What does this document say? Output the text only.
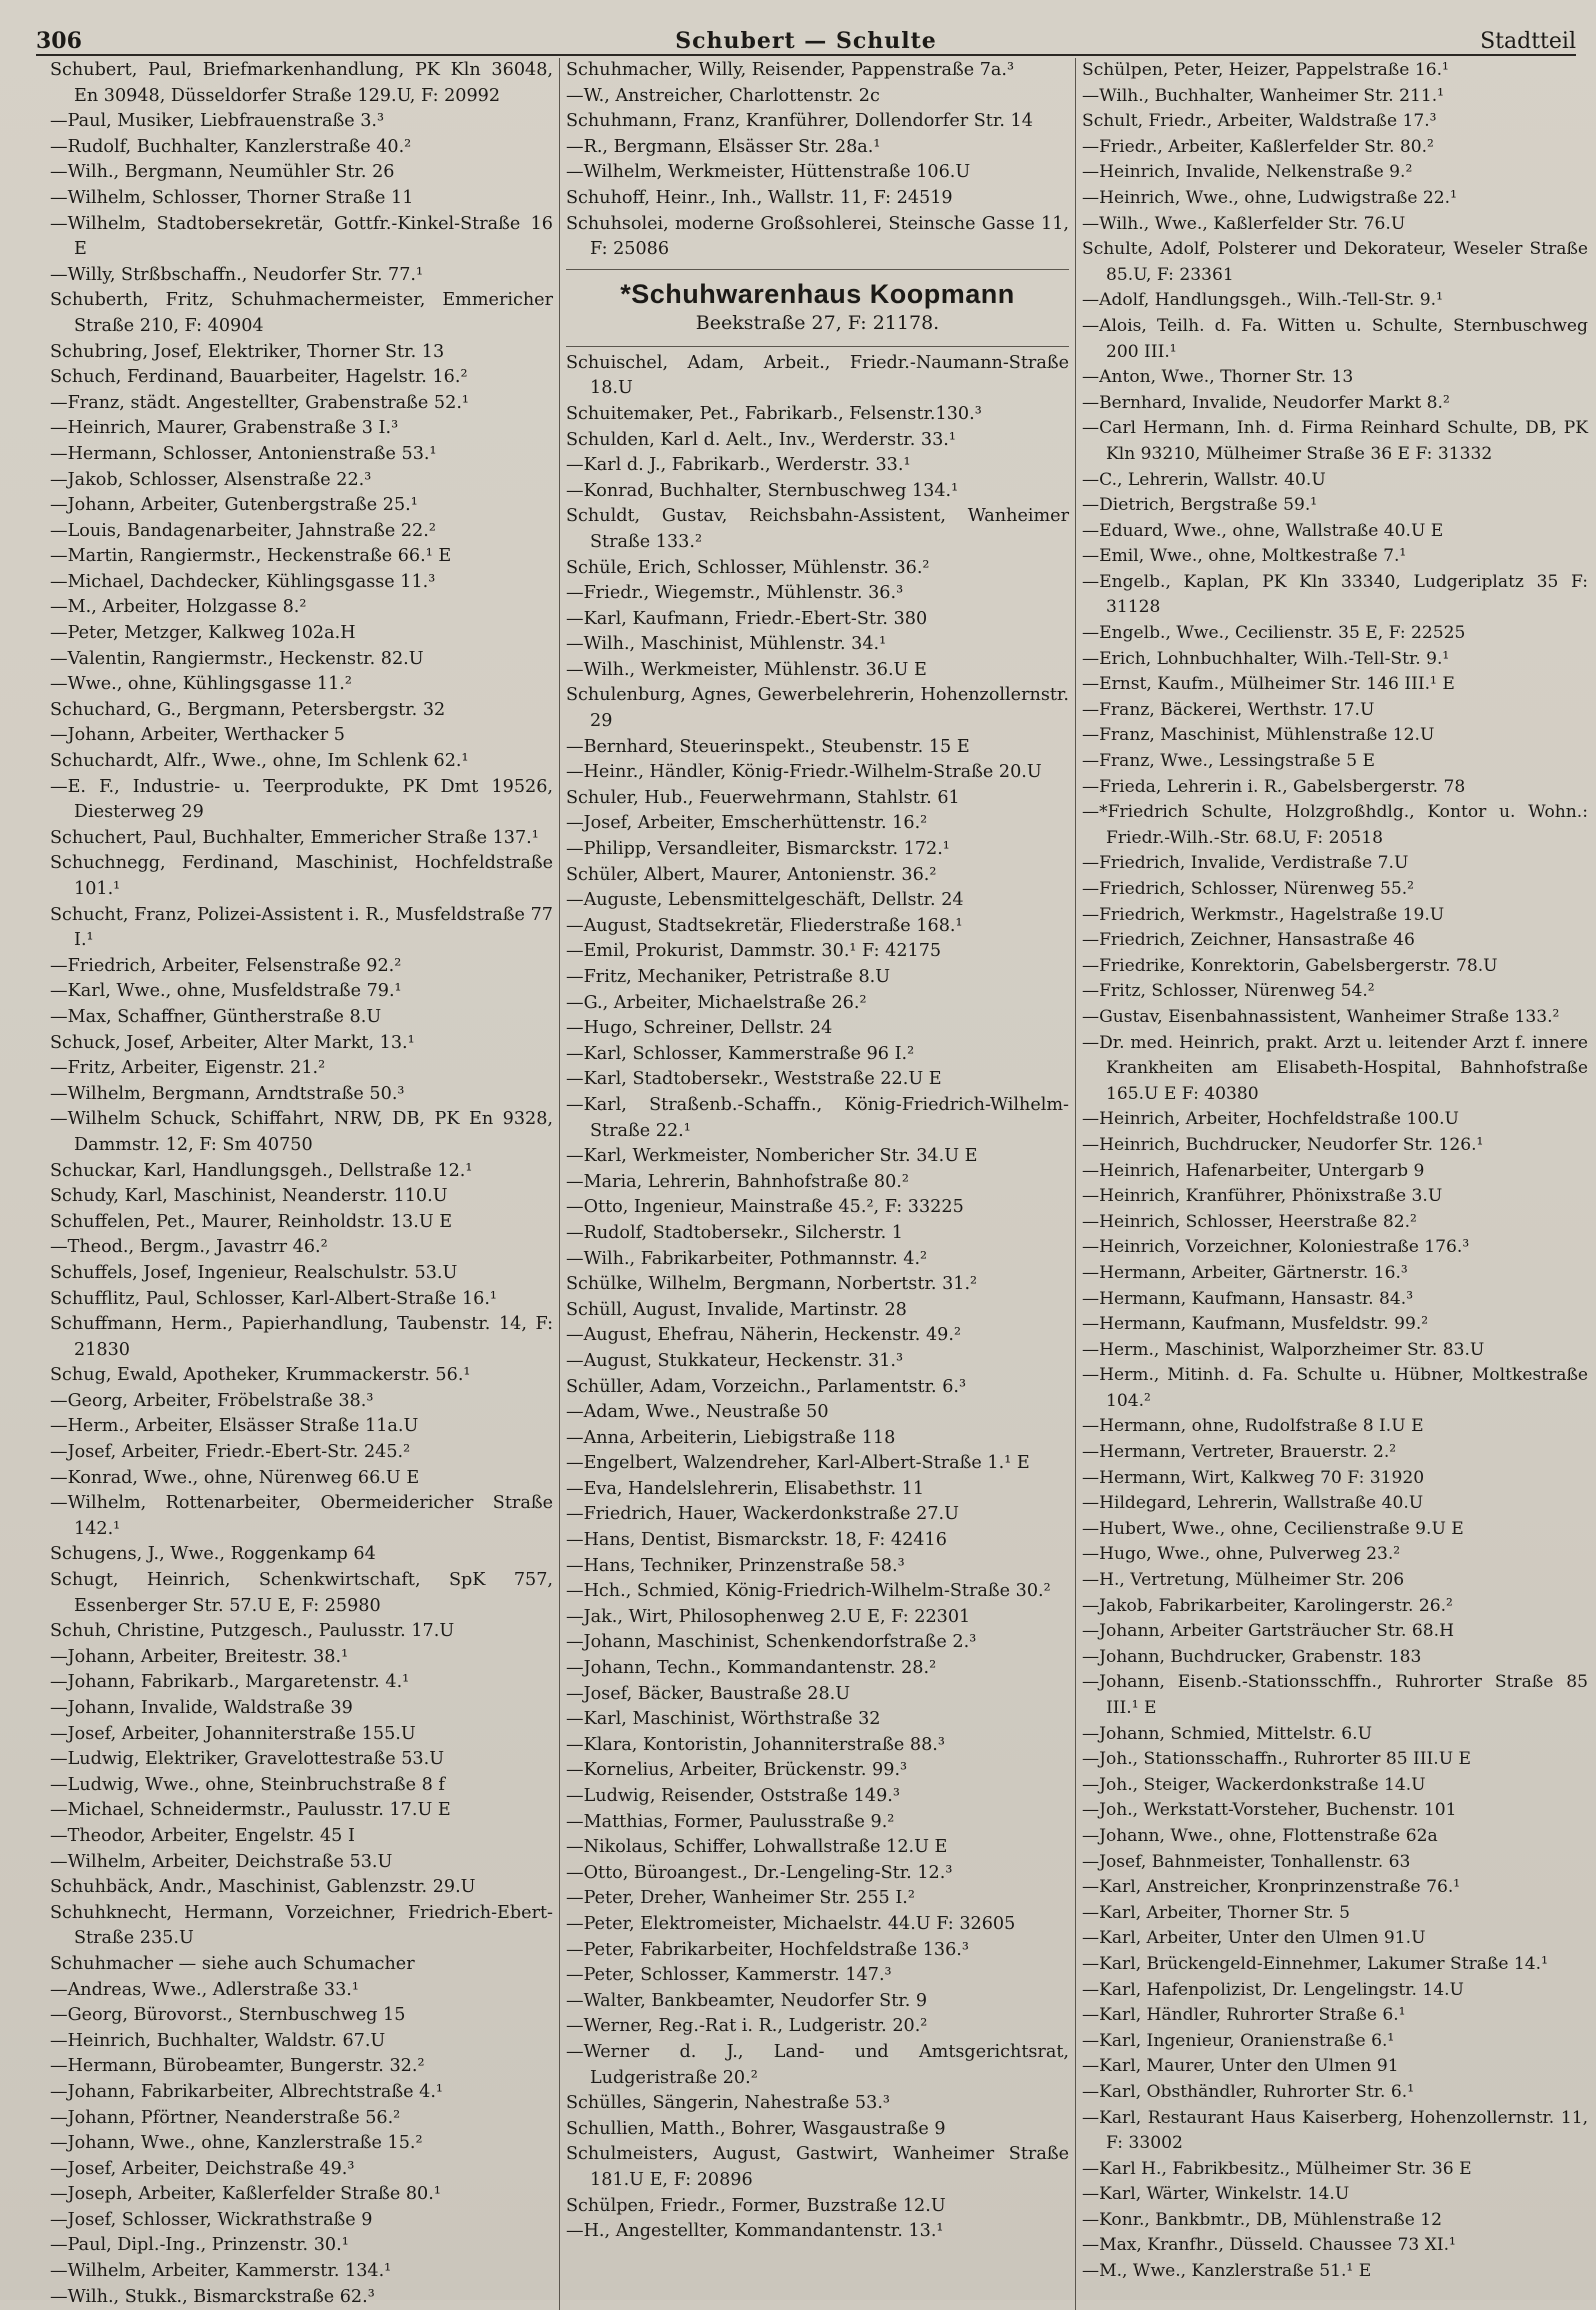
306	Schubert — Schulte	Stadtteil
Schubert, Paul, Briefmarkenhandlung, PK Kln 36048, En 30948, Düsseldorfer Straße 129.U, F: 20992
—Paul, Musiker, Liebfrauenstraße 3.³
—Rudolf, Buchhalter, Kanzlerstraße 40.²
—Wilh., Bergmann, Neumühler Str. 26
—Wilhelm, Schlosser, Thorner Straße 11
—Wilhelm, Stadtobersekretär, Gottfr.-Kinkel-Straße 16 E
—Willy, Strßbschaffn., Neudorfer Str. 77.¹
Schuberth, Fritz, Schuhmachermeister, Emmericher Straße 210, F: 40904
Schubring, Josef, Elektriker, Thorner Str. 13
Schuch, Ferdinand, Bauarbeiter, Hagelstr. 16.²
—Franz, städt. Angestellter, Grabenstraße 52.¹
—Heinrich, Maurer, Grabenstraße 3 I.³
—Hermann, Schlosser, Antonienstraße 53.¹
—Jakob, Schlosser, Alsenstraße 22.³
—Johann, Arbeiter, Gutenbergstraße 25.¹
—Louis, Bandagenarbeiter, Jahnstraße 22.²
—Martin, Rangiermstr., Heckenstraße 66.¹ E
—Michael, Dachdecker, Kühlingsgasse 11.³
—M., Arbeiter, Holzgasse 8.²
—Peter, Metzger, Kalkweg 102a.H
—Valentin, Rangiermstr., Heckenstr. 82.U
—Wwe., ohne, Kühlingsgasse 11.²
Schuchard, G., Bergmann, Petersbergstr. 32
—Johann, Arbeiter, Werthacker 5
Schuchardt, Alfr., Wwe., ohne, Im Schlenk 62.¹
—E. F., Industrie- u. Teerprodukte, PK Dmt 19526, Diesterweg 29
Schuchert, Paul, Buchhalter, Emmericher Straße 137.¹
Schuchnegg, Ferdinand, Maschinist, Hochfeldstraße 101.¹
Schucht, Franz, Polizei-Assistent i. R., Musfeldstraße 77 I.¹
—Friedrich, Arbeiter, Felsenstraße 92.²
—Karl, Wwe., ohne, Musfeldstraße 79.¹
—Max, Schaffner, Güntherstraße 8.U
Schuck, Josef, Arbeiter, Alter Markt, 13.¹
—Fritz, Arbeiter, Eigenstr. 21.²
—Wilhelm, Bergmann, Arndtstraße 50.³
—Wilhelm Schuck, Schiffahrt, NRW, DB, PK En 9328, Dammstr. 12, F: Sm 40750
Schuckar, Karl, Handlungsgeh., Dellstraße 12.¹
Schudy, Karl, Maschinist, Neanderstr. 110.U
Schuffelen, Pet., Maurer, Reinholdstr. 13.U E
—Theod., Bergm., Javastrr 46.²
Schuffels, Josef, Ingenieur, Realschulstr. 53.U
Schufflitz, Paul, Schlosser, Karl-Albert-Straße 16.¹
Schuffmann, Herm., Papierhandlung, Taubenstr. 14, F: 21830
Schug, Ewald, Apotheker, Krummackerstr. 56.¹
—Georg, Arbeiter, Fröbelstraße 38.³
—Herm., Arbeiter, Elsässer Straße 11a.U
—Josef, Arbeiter, Friedr.-Ebert-Str. 245.²
—Konrad, Wwe., ohne, Nürenweg 66.U E
—Wilhelm, Rottenarbeiter, Obermeidericher Straße 142.¹
Schugens, J., Wwe., Roggenkamp 64
Schugt, Heinrich, Schenkwirtschaft, SpK 757, Essenberger Str. 57.U E, F: 25980
Schuh, Christine, Putzgesch., Paulusstr. 17.U
—Johann, Arbeiter, Breitestr. 38.¹
—Johann, Fabrikarb., Margaretenstr. 4.¹
—Johann, Invalide, Waldstraße 39
—Josef, Arbeiter, Johanniterstraße 155.U
—Ludwig, Elektriker, Gravelottestraße 53.U
—Ludwig, Wwe., ohne, Steinbruchstraße 8 f
—Michael, Schneidermstr., Paulusstr. 17.U E
—Theodor, Arbeiter, Engelstr. 45 I
—Wilhelm, Arbeiter, Deichstraße 53.U
Schuhbäck, Andr., Maschinist, Gablenzstr. 29.U
Schuhknecht, Hermann, Vorzeichner, Friedrich-Ebert-Straße 235.U
Schuhmacher — siehe auch Schumacher
—Andreas, Wwe., Adlerstraße 33.¹
—Georg, Bürovorst., Sternbuschweg 15
—Heinrich, Buchhalter, Waldstr. 67.U
—Hermann, Bürobeamter, Bungerstr. 32.²
—Johann, Fabrikarbeiter, Albrechtstraße 4.¹
—Johann, Pförtner, Neanderstraße 56.²
—Johann, Wwe., ohne, Kanzlerstraße 15.²
—Josef, Arbeiter, Deichstraße 49.³
—Joseph, Arbeiter, Kaßlerfelder Straße 80.¹
—Josef, Schlosser, Wickrathstraße 9
—Paul, Dipl.-Ing., Prinzenstr. 30.¹
—Wilhelm, Arbeiter, Kammerstr. 134.¹
—Wilh., Stukk., Bismarckstraße 62.³
Schuhmacher, Willy, Reisender, Pappenstraße 7a.³
—W., Anstreicher, Charlottenstr. 2c
Schuhmann, Franz, Kranführer, Dollendorfer Str. 14
—R., Bergmann, Elsässer Str. 28a.¹
—Wilhelm, Werkmeister, Hüttenstraße 106.U
Schuhoff, Heinr., Inh., Wallstr. 11, F: 24519
Schuhsolei, moderne Großsohlerei, Steinsche Gasse 11, F: 25086
*Schuhwarenhaus Koopmann
Beekstraße 27, F: 21178.
Schuischel, Adam, Arbeit., Friedr.-Naumann-Straße 18.U
Schuitemaker, Pet., Fabrikarb., Felsenstr.130.³
Schulden, Karl d. Aelt., Inv., Werderstr. 33.¹
—Karl d. J., Fabrikarb., Werderstr. 33.¹
—Konrad, Buchhalter, Sternbuschweg 134.¹
Schuldt, Gustav, Reichsbahn-Assistent, Wanheimer Straße 133.²
Schüle, Erich, Schlosser, Mühlenstr. 36.²
—Friedr., Wiegemstr., Mühlenstr. 36.³
—Karl, Kaufmann, Friedr.-Ebert-Str. 380
—Wilh., Maschinist, Mühlenstr. 34.¹
—Wilh., Werkmeister, Mühlenstr. 36.U E
Schulenburg, Agnes, Gewerbelehrerin, Hohenzollernstr. 29
—Bernhard, Steuerinspekt., Steubenstr. 15 E
—Heinr., Händler, König-Friedr.-Wilhelm-Straße 20.U
Schuler, Hub., Feuerwehrmann, Stahlstr. 61
—Josef, Arbeiter, Emscherhüttenstr. 16.²
—Philipp, Versandleiter, Bismarckstr. 172.¹
Schüler, Albert, Maurer, Antonienstr. 36.²
—Auguste, Lebensmittelgeschäft, Dellstr. 24
—August, Stadtsekretär, Fliederstraße 168.¹
—Emil, Prokurist, Dammstr. 30.¹ F: 42175
—Fritz, Mechaniker, Petristraße 8.U
—G., Arbeiter, Michaelstraße 26.²
—Hugo, Schreiner, Dellstr. 24
—Karl, Schlosser, Kammerstraße 96 I.²
—Karl, Stadtobersekr., Weststraße 22.U E
—Karl, Straßenb.-Schaffn., König-Friedrich-Wilhelm-Straße 22.¹
—Karl, Werkmeister, Nombericher Str. 34.U E
—Maria, Lehrerin, Bahnhofstraße 80.²
—Otto, Ingenieur, Mainstraße 45.², F: 33225
—Rudolf, Stadtobersekr., Silcherstr. 1
—Wilh., Fabrikarbeiter, Pothmannstr. 4.²
Schülke, Wilhelm, Bergmann, Norbertstr. 31.²
Schüll, August, Invalide, Martinstr. 28
—August, Ehefrau, Näherin, Heckenstr. 49.²
—August, Stukkateur, Heckenstr. 31.³
Schüller, Adam, Vorzeichn., Parlamentstr. 6.³
—Adam, Wwe., Neustraße 50
—Anna, Arbeiterin, Liebigstraße 118
—Engelbert, Walzendreher, Karl-Albert-Straße 1.¹ E
—Eva, Handelslehrerin, Elisabethstr. 11
—Friedrich, Hauer, Wackerdonkstraße 27.U
—Hans, Dentist, Bismarckstr. 18, F: 42416
—Hans, Techniker, Prinzenstraße 58.³
—Hch., Schmied, König-Friedrich-Wilhelm-Straße 30.²
—Jak., Wirt, Philosophenweg 2.U E, F: 22301
—Johann, Maschinist, Schenkendorfstraße 2.³
—Johann, Techn., Kommandantenstr. 28.²
—Josef, Bäcker, Baustraße 28.U
—Karl, Maschinist, Wörthstraße 32
—Klara, Kontoristin, Johanniterstraße 88.³
—Kornelius, Arbeiter, Brückenstr. 99.³
—Ludwig, Reisender, Oststraße 149.³
—Matthias, Former, Paulusstraße 9.²
—Nikolaus, Schiffer, Lohwallstraße 12.U E
—Otto, Büroangest., Dr.-Lengeling-Str. 12.³
—Peter, Dreher, Wanheimer Str. 255 I.²
—Peter, Elektromeister, Michaelstr. 44.U F: 32605
—Peter, Fabrikarbeiter, Hochfeldstraße 136.³
—Peter, Schlosser, Kammerstr. 147.³
—Walter, Bankbeamter, Neudorfer Str. 9
—Werner, Reg.-Rat i. R., Ludgeristr. 20.²
—Werner d. J., Land- und Amtsgerichtsrat, Ludgeristraße 20.²
Schülles, Sängerin, Nahestraße 53.³
Schullien, Matth., Bohrer, Wasgaustraße 9
Schulmeisters, August, Gastwirt, Wanheimer Straße 181.U E, F: 20896
Schülpen, Friedr., Former, Buzstraße 12.U
—H., Angestellter, Kommandantenstr. 13.¹
Schülpen, Peter, Heizer, Pappelstraße 16.¹
—Wilh., Buchhalter, Wanheimer Str. 211.¹
Schult, Friedr., Arbeiter, Waldstraße 17.³
—Friedr., Arbeiter, Kaßlerfelder Str. 80.²
—Heinrich, Invalide, Nelkenstraße 9.²
—Heinrich, Wwe., ohne, Ludwigstraße 22.¹
—Wilh., Wwe., Kaßlerfelder Str. 76.U
Schulte, Adolf, Polsterer und Dekorateur, Weseler Straße 85.U, F: 23361
—Adolf, Handlungsgeh., Wilh.-Tell-Str. 9.¹
—Alois, Teilh. d. Fa. Witten u. Schulte, Sternbuschweg 200 III.¹
—Anton, Wwe., Thorner Str. 13
—Bernhard, Invalide, Neudorfer Markt 8.²
—Carl Hermann, Inh. d. Firma Reinhard Schulte, DB, PK Kln 93210, Mülheimer Straße 36 E F: 31332
—C., Lehrerin, Wallstr. 40.U
—Dietrich, Bergstraße 59.¹
—Eduard, Wwe., ohne, Wallstraße 40.U E
—Emil, Wwe., ohne, Moltkestraße 7.¹
—Engelb., Kaplan, PK Kln 33340, Ludgeriplatz 35 F: 31128
—Engelb., Wwe., Cecilienstr. 35 E, F: 22525
—Erich, Lohnbuchhalter, Wilh.-Tell-Str. 9.¹
—Ernst, Kaufm., Mülheimer Str. 146 III.¹ E
—Franz, Bäckerei, Werthstr. 17.U
—Franz, Maschinist, Mühlenstraße 12.U
—Franz, Wwe., Lessingstraße 5 E
—Frieda, Lehrerin i. R., Gabelsbergerstr. 78
—*Friedrich Schulte, Holzgroßhdlg., Kontor u. Wohn.: Friedr.-Wilh.-Str. 68.U, F: 20518
—Friedrich, Invalide, Verdistraße 7.U
—Friedrich, Schlosser, Nürenweg 55.²
—Friedrich, Werkmstr., Hagelstraße 19.U
—Friedrich, Zeichner, Hansastraße 46
—Friedrike, Konrektorin, Gabelsbergerstr. 78.U
—Fritz, Schlosser, Nürenweg 54.²
—Gustav, Eisenbahnassistent, Wanheimer Straße 133.²
—Dr. med. Heinrich, prakt. Arzt u. leitender Arzt f. innere Krankheiten am Elisabeth-Hospital, Bahnhofstraße 165.U E F: 40380
—Heinrich, Arbeiter, Hochfeldstraße 100.U
—Heinrich, Buchdrucker, Neudorfer Str. 126.¹
—Heinrich, Hafenarbeiter, Untergarb 9
—Heinrich, Kranführer, Phönixstraße 3.U
—Heinrich, Schlosser, Heerstraße 82.²
—Heinrich, Vorzeichner, Koloniestraße 176.³
—Hermann, Arbeiter, Gärtnerstr. 16.³
—Hermann, Kaufmann, Hansastr. 84.³
—Hermann, Kaufmann, Musfeldstr. 99.²
—Herm., Maschinist, Walporzheimer Str. 83.U
—Herm., Mitinh. d. Fa. Schulte u. Hübner, Moltkestraße 104.²
—Hermann, ohne, Rudolfstraße 8 I.U E
—Hermann, Vertreter, Brauerstr. 2.²
—Hermann, Wirt, Kalkweg 70 F: 31920
—Hildegard, Lehrerin, Wallstraße 40.U
—Hubert, Wwe., ohne, Cecilienstraße 9.U E
—Hugo, Wwe., ohne, Pulverweg 23.²
—H., Vertretung, Mülheimer Str. 206
—Jakob, Fabrikarbeiter, Karolingerstr. 26.²
—Johann, Arbeiter Gartsträucher Str. 68.H
—Johann, Buchdrucker, Grabenstr. 183
—Johann, Eisenb.-Stationsschffn., Ruhrorter Straße 85 III.¹ E
—Johann, Schmied, Mittelstr. 6.U
—Joh., Stationsschaffn., Ruhrorter 85 III.U E
—Joh., Steiger, Wackerdonkstraße 14.U
—Joh., Werkstatt-Vorsteher, Buchenstr. 101
—Johann, Wwe., ohne, Flottenstraße 62a
—Josef, Bahnmeister, Tonhallenstr. 63
—Karl, Anstreicher, Kronprinzenstraße 76.¹
—Karl, Arbeiter, Thorner Str. 5
—Karl, Arbeiter, Unter den Ulmen 91.U
—Karl, Brückengeld-Einnehmer, Lakumer Straße 14.¹
—Karl, Hafenpolizist, Dr. Lengelingstr. 14.U
—Karl, Händler, Ruhrorter Straße 6.¹
—Karl, Ingenieur, Oranienstraße 6.¹
—Karl, Maurer, Unter den Ulmen 91
—Karl, Obsthändler, Ruhrorter Str. 6.¹
—Karl, Restaurant Haus Kaiserberg, Hohenzollernstr. 11, F: 33002
—Karl H., Fabrikbesitz., Mülheimer Str. 36 E
—Karl, Wärter, Winkelstr. 14.U
—Konr., Bankbmtr., DB, Mühlenstraße 12
—Max, Kranfhr., Düsseld. Chaussee 73 XI.¹
—M., Wwe., Kanzlerstraße 51.¹ E
